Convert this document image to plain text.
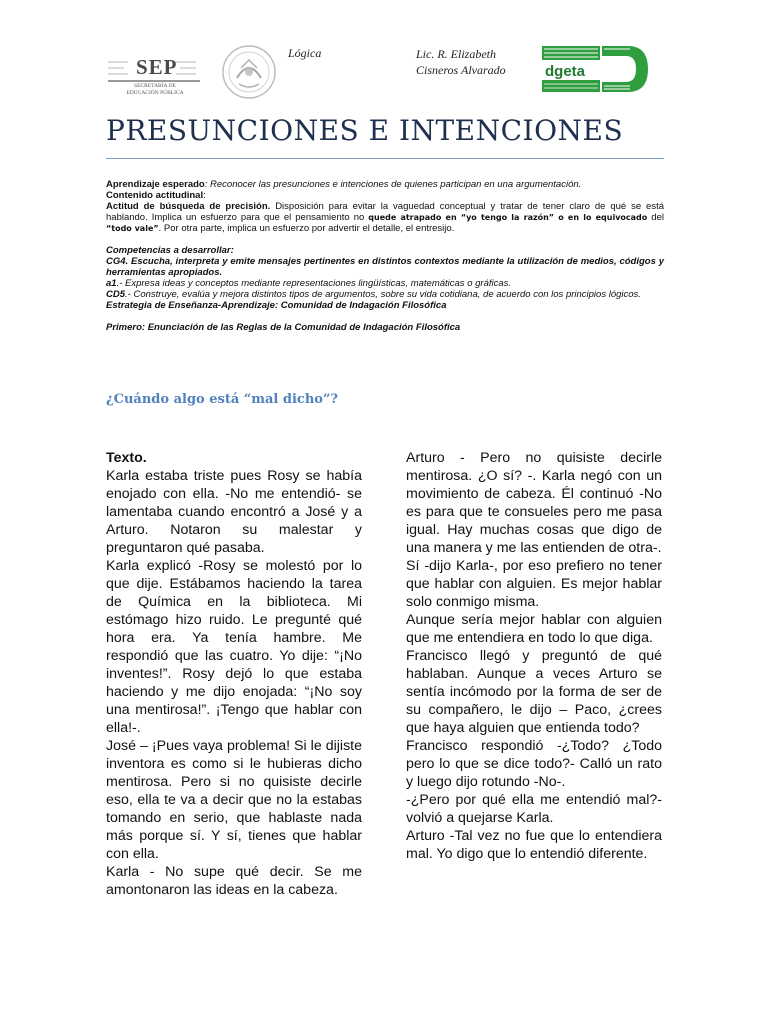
SEP
SECRETARÍA DE EDUCACIÓN PÚBLICA
Lógica	Lic. R. Elizabeth
Cisneros Alvarado	dgeta
PRESUNCIONES E INTENCIONES

Aprendizaje esperado: Reconocer las presunciones e intenciones de quienes participan en una argumentación.

Contenido actitudinal:

Actitud de búsqueda de precisión. Disposición para evitar la vaguedad conceptual y tratar de tener claro de qué se está hablando. Implica un esfuerzo para que el pensamiento no quede atrapado en “yo tengo la razón” o en lo equivocado del “todo vale”. Por otra parte, implica un esfuerzo por advertir el detalle, el entresijo.

Competencias a desarrollar:

CG4. Escucha, interpreta y emite mensajes pertinentes en distintos contextos mediante la utilización de medios, códigos y herramientas apropiados.

a1.- Expresa ideas y conceptos mediante representaciones lingüísticas, matemáticas o gráficas.

CD5.- Construye, evalúa y mejora distintos tipos de argumentos, sobre su vida cotidiana, de acuerdo con los principios lógicos.

Estrategia de Enseñanza-Aprendizaje: Comunidad de Indagación Filosófica

Primero: Enunciación de las Reglas de la Comunidad de Indagación Filosófica

¿Cuándo algo está “mal dicho”?

Texto.

Karla estaba triste pues Rosy se había enojado con ella. -No me entendió- se lamentaba cuando encontró a José y a Arturo. Notaron su malestar y preguntaron qué pasaba.

Karla explicó -Rosy se molestó por lo que dije. Estábamos haciendo la tarea de Química en la biblioteca. Mi estómago hizo ruido. Le pregunté qué hora era. Ya tenía hambre. Me respondió que las cuatro. Yo dije: “¡No inventes!”. Rosy dejó lo que estaba haciendo y me dijo enojada: “¡No soy una mentirosa!”. ¡Tengo que hablar con ella!-.

José – ¡Pues vaya problema! Si le dijiste inventora es como si le hubieras dicho mentirosa. Pero si no quisiste decirle eso, ella te va a decir que no la estabas tomando en serio, que hablaste nada más porque sí. Y sí, tienes que hablar con ella.

Karla - No supe qué decir. Se me amontonaron las ideas en la cabeza.

Arturo - Pero no quisiste decirle mentirosa. ¿O sí? -. Karla negó con un movimiento de cabeza. Él continuó -No es para que te consueles pero me pasa igual. Hay muchas cosas que digo de una manera y me las entienden de otra-.

Sí -dijo Karla-, por eso prefiero no tener que hablar con alguien. Es mejor hablar solo conmigo misma.

Aunque sería mejor hablar con alguien que me entendiera en todo lo que diga.

Francisco llegó y preguntó de qué hablaban. Aunque a veces Arturo se sentía incómodo por la forma de ser de su compañero, le dijo – Paco, ¿crees que haya alguien que entienda todo?

Francisco respondió -¿Todo? ¿Todo pero lo que se dice todo?- Calló un rato y luego dijo rotundo -No-.

-¿Pero por qué ella me entendió mal?- volvió a quejarse Karla.

Arturo -Tal vez no fue que lo entendiera mal. Yo digo que lo entendió diferente.
